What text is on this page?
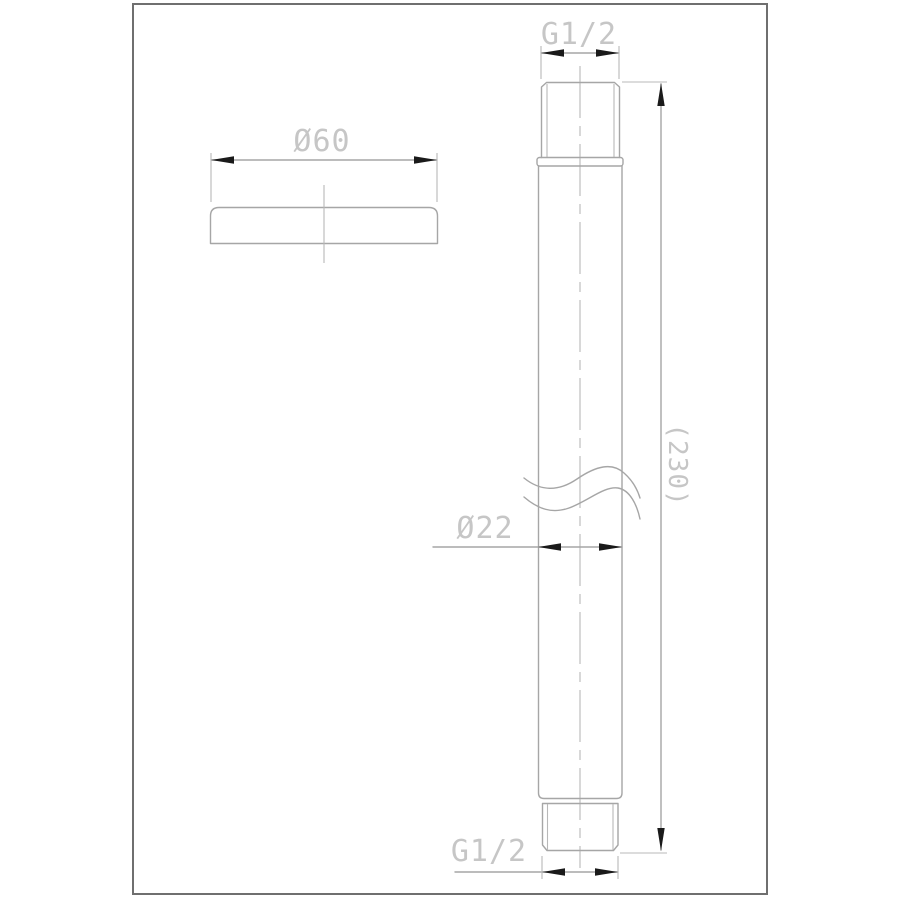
G1/2
Ø60
Ø22
(230)
G1/2
